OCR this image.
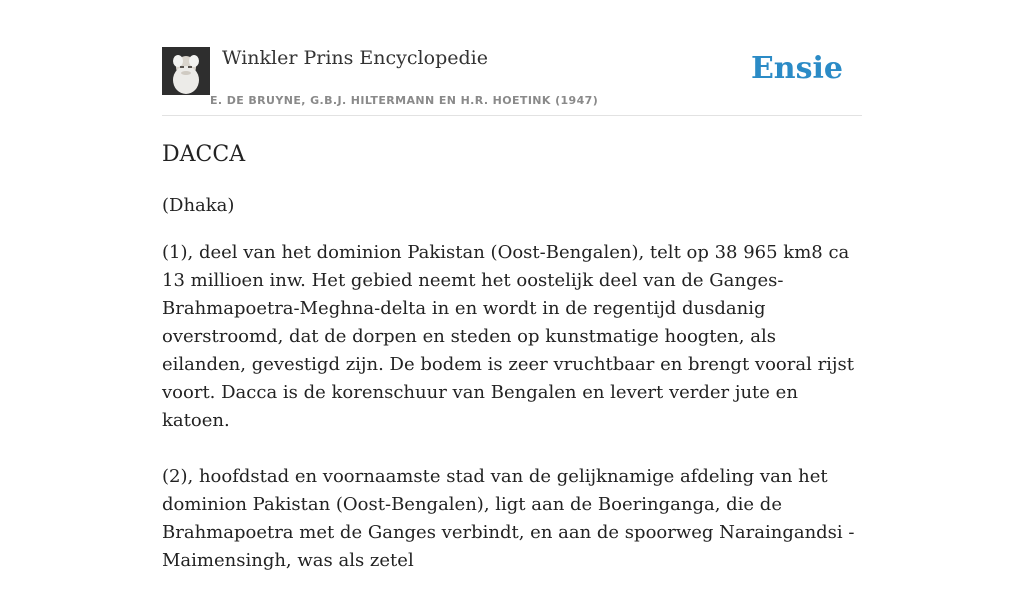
Winkler Prins Encyclopedie
E. DE BRUYNE, G.B.J. HILTERMANN EN H.R. HOETINK (1947)
Ensie
DACCA
(Dhaka)

(1), deel van het dominion Pakistan (Oost-Bengalen), telt op 38 965 km8 ca 13 millioen inw. Het gebied neemt het oostelijk deel van de Ganges-Brahmapoetra-Meghna-delta in en wordt in de regentijd dusdanig overstroomd, dat de dorpen en steden op kunstmatige hoogten, als eilanden, gevestigd zijn. De bodem is zeer vruchtbaar en brengt vooral rijst voort. Dacca is de korenschuur van Bengalen en levert verder jute en katoen.

(2), hoofdstad en voornaamste stad van de gelijknamige afdeling van het dominion Pakistan (Oost-Bengalen), ligt aan de Boeringanga, die de Brahmapoetra met de Ganges verbindt, en aan de spoorweg Naraingandsi - Maimensingh, was als zetel
